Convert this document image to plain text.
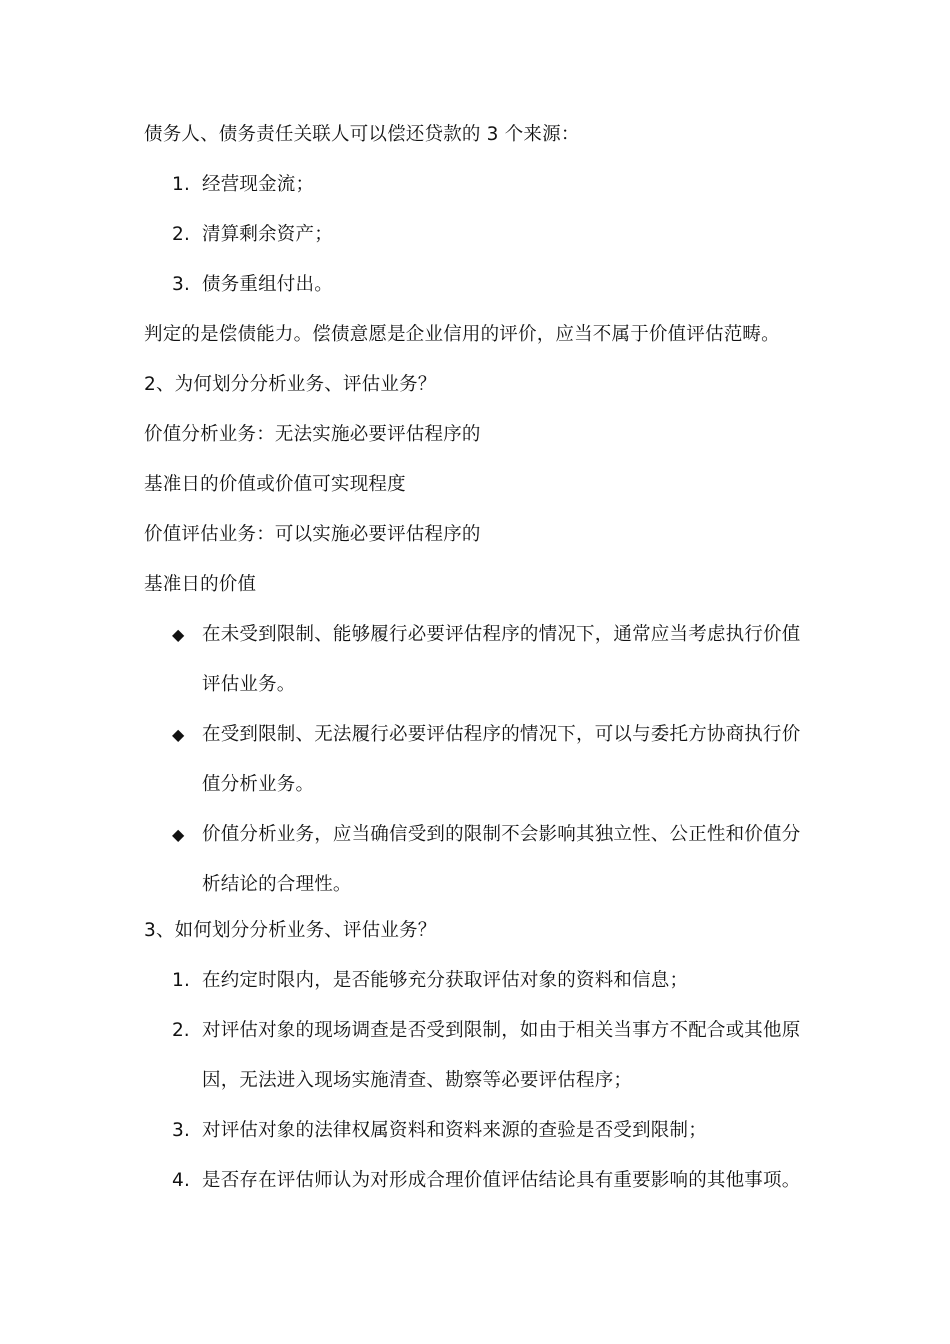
债务人、债务责任关联人可以偿还贷款的 3 个来源：
1. 经营现金流；
2. 清算剩余资产；
3. 债务重组付出。
判定的是偿债能力。偿债意愿是企业信用的评价，应当不属于价值评估范畴。
2、为何划分分析业务、评估业务？
价值分析业务：无法实施必要评估程序的
基准日的价值或价值可实现程度
价值评估业务：可以实施必要评估程序的
基准日的价值
◆ 在未受到限制、能够履行必要评估程序的情况下，通常应当考虑执行价值评估业务。
◆ 在受到限制、无法履行必要评估程序的情况下，可以与委托方协商执行价值分析业务。
◆ 价值分析业务，应当确信受到的限制不会影响其独立性、公正性和价值分析结论的合理性。
3、如何划分分析业务、评估业务？
1. 在约定时限内，是否能够充分获取评估对象的资料和信息；
2. 对评估对象的现场调查是否受到限制，如由于相关当事方不配合或其他原因，无法进入现场实施清查、勘察等必要评估程序；
3. 对评估对象的法律权属资料和资料来源的查验是否受到限制；
4. 是否存在评估师认为对形成合理价值评估结论具有重要影响的其他事项。
